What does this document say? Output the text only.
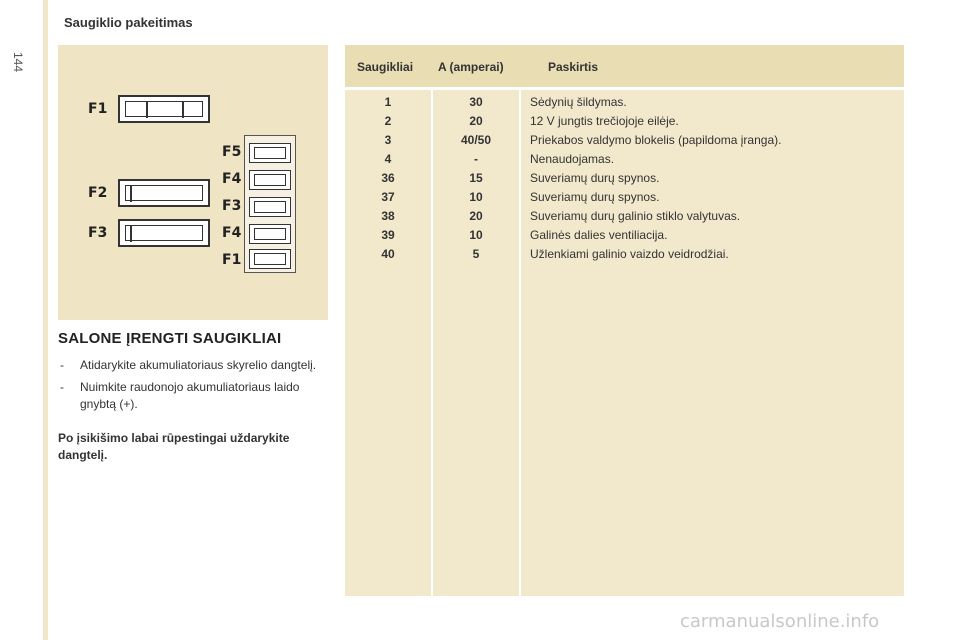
144
Saugiklio pakeitimas
F1
F2
F3
F5
F4
F3
F4
F1
SALONE ĮRENGTI SAUGIKLIAI
- Atidarykite akumuliatoriaus skyrelio dangtelį.
- Nuimkite raudonojo akumuliatoriaus laido gnybtą (+).
Po įsikišimo labai rūpestingai uždarykite dangtelį.
Saugikliai A (amperai)	Paskirtis
1	30	Sėdynių šildymas.
2	20	12 V jungtis trečiojoje eilėje.
3	40/50	Priekabos valdymo blokelis (papildoma įranga).
4	-	Nenaudojamas.
36	15	Suveriamų durų spynos.
37	10	Suveriamų durų spynos.
38	20	Suveriamų durų galinio stiklo valytuvas.
39	10	Galinės dalies ventiliacija.
40	5	Užlenkiami galinio vaizdo veidrodžiai.
carmanualsonline.info
